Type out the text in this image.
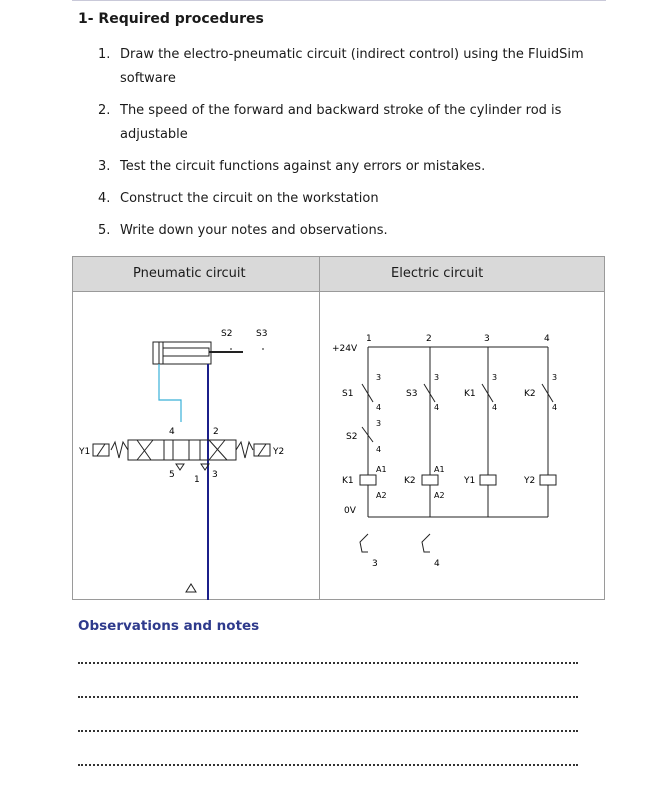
1- Required procedures
1. Draw the electro-pneumatic circuit (indirect control) using the FluidSim software
2. The speed of the forward and backward stroke of the cylinder rod is adjustable
3. Test the circuit functions against any errors or mistakes.
4. Construct the circuit on the workstation
5. Write down your notes and observations.
Pneumatic circuit	Electric circuit
S2	S3
4	2
5 1 3
Y1	Y2
+24V
1	2	3	4
S1	S3	K1	K2
S2
3
4
3
4
3
4
3
4
3
4
A1	A1
A2	A2
K1	K2	Y1	Y2
0V
3	4
Observations and notes
